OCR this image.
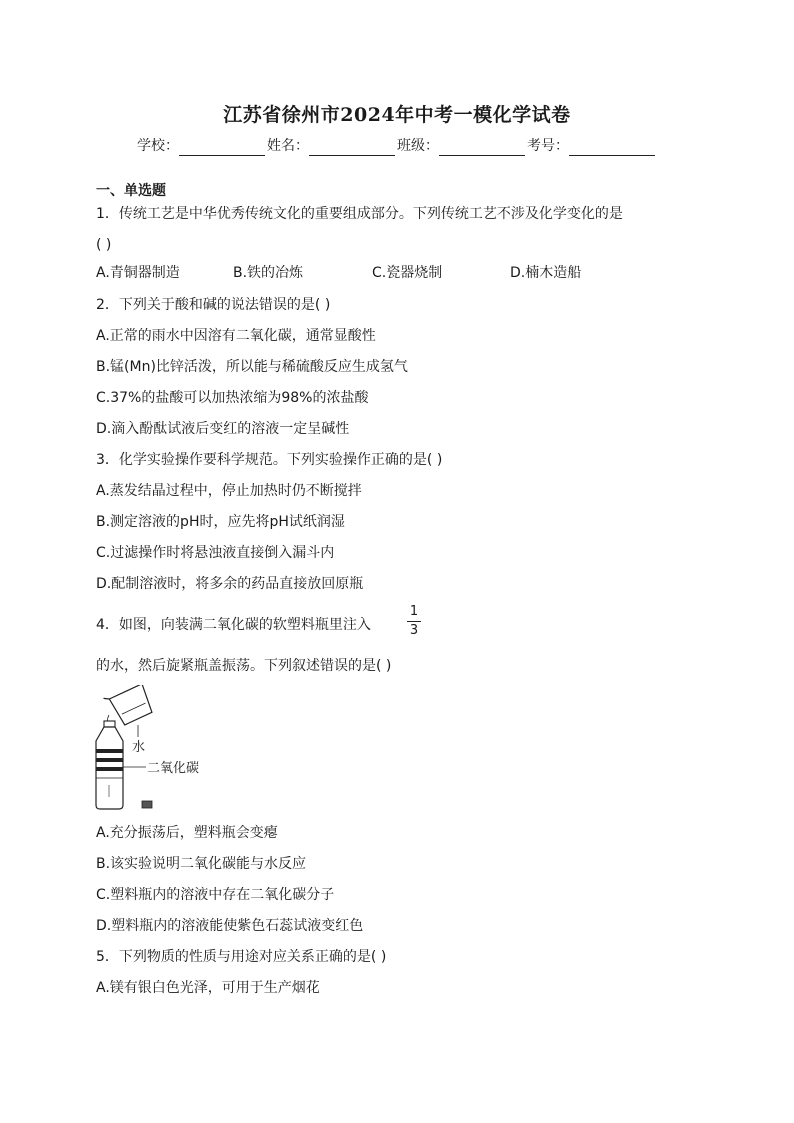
江苏省徐州市2024年中考一模化学试卷
学校：	姓名：	班级：	考号：
一、单选题
1．传统工艺是中华优秀传统文化的重要组成部分。下列传统工艺不涉及化学变化的是
( )
A.青铜器制造	B.铁的冶炼	C.瓷器烧制	D.楠木造船
2．下列关于酸和碱的说法错误的是( )
A.正常的雨水中因溶有二氧化碳，通常显酸性
B.锰(Mn)比锌活泼，所以能与稀硫酸反应生成氢气
C.37%的盐酸可以加热浓缩为98%的浓盐酸
D.滴入酚酞试液后变红的溶液一定呈碱性
3．化学实验操作要科学规范。下列实验操作正确的是( )
A.蒸发结晶过程中，停止加热时仍不断搅拌
B.测定溶液的pH时，应先将pH试纸润湿
C.过滤操作时将悬浊液直接倒入漏斗内
D.配制溶液时，将多余的药品直接放回原瓶
4．如图，向装满二氧化碳的软塑料瓶里注入
1
3
的水，然后旋紧瓶盖振荡。下列叙述错误的是( )
水
二氧化碳
A.充分振荡后，塑料瓶会变瘪
B.该实验说明二氧化碳能与水反应
C.塑料瓶内的溶液中存在二氧化碳分子
D.塑料瓶内的溶液能使紫色石蕊试液变红色
5．下列物质的性质与用途对应关系正确的是( )
A.镁有银白色光泽，可用于生产烟花
